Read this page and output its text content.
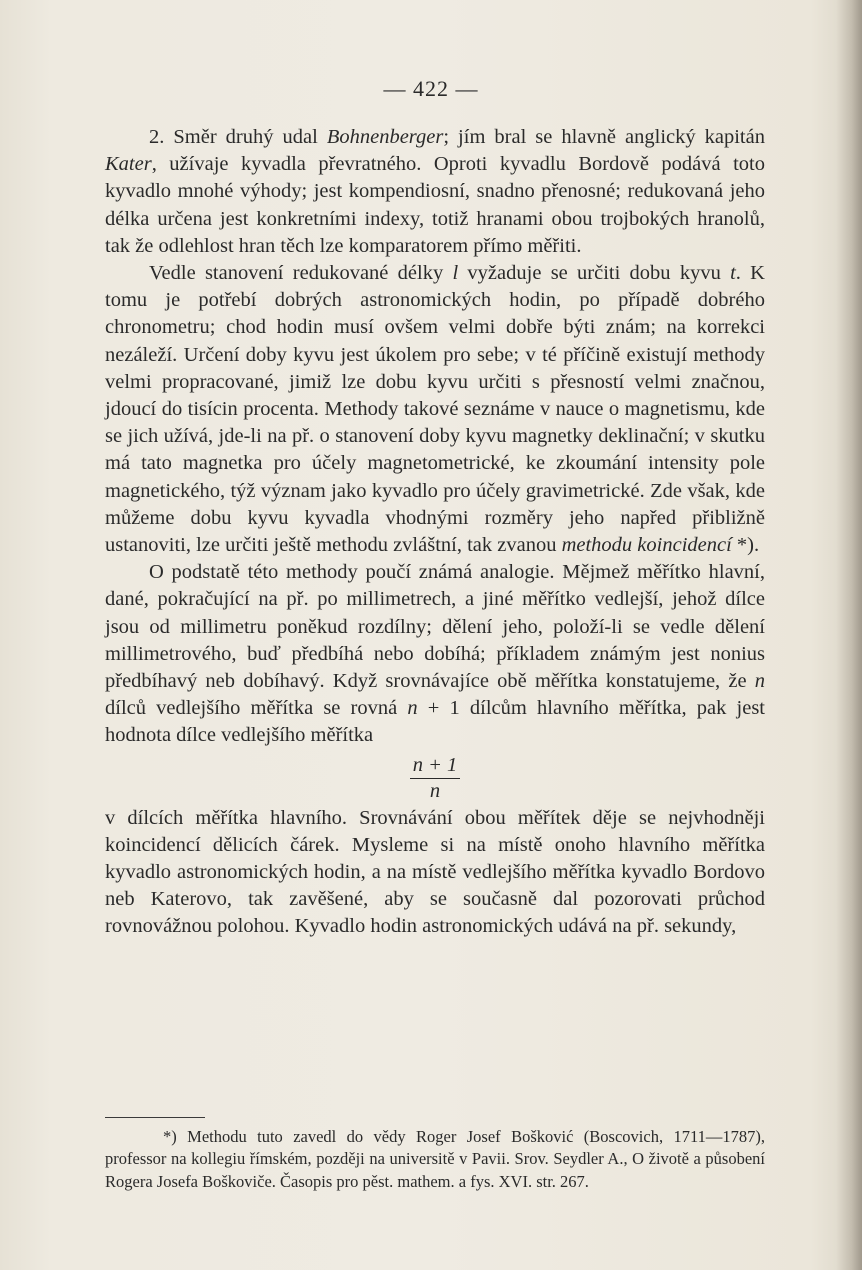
— 422 —

2. Směr druhý udal Bohnenberger; jím bral se hlavně anglický kapitán Kater, užívaje kyvadla převratného. Oproti kyvadlu Bordově podává toto kyvadlo mnohé výhody; jest kompendiosní, snadno přenosné; redukovaná jeho délka určena jest konkretními indexy, totiž hranami obou trojbokých hranolů, tak že odlehlost hran těch lze komparatorem přímo měřiti.

Vedle stanovení redukované délky l vyžaduje se určiti dobu kyvu t. K tomu je potřebí dobrých astronomických hodin, po případě dobrého chronometru; chod hodin musí ovšem velmi dobře býti znám; na korrekci nezáleží. Určení doby kyvu jest úkolem pro sebe; v té příčině existují methody velmi propracované, jimiž lze dobu kyvu určiti s přesností velmi značnou, jdoucí do tisícin procenta. Methody takové seznáme v nauce o magnetismu, kde se jich užívá, jde-li na př. o stanovení doby kyvu magnetky deklinační; v skutku má tato magnetka pro účely magnetometrické, ke zkoumání intensity pole magnetického, týž význam jako kyvadlo pro účely gravimetrické. Zde však, kde můžeme dobu kyvu kyvadla vhodnými rozměry jeho napřed přibližně ustanoviti, lze určiti ještě methodu zvláštní, tak zvanou methodu koincidencí *).

O podstatě této methody poučí známá analogie. Mějmež měřítko hlavní, dané, pokračující na př. po millimetrech, a jiné měřítko vedlejší, jehož dílce jsou od millimetru poněkud rozdílny; dělení jeho, položí-li se vedle dělení millimetrového, buď předbíhá nebo dobíhá; příkladem známým jest nonius předbíhavý neb dobíhavý. Když srovnávajíce obě měřítka konstatujeme, že n dílců vedlejšího měřítka se rovná n + 1 dílcům hlavního měřítka, pak jest hodnota dílce vedlejšího měřítka

$\frac{n + 1}{n}$

v dílcích měřítka hlavního. Srovnávání obou měřítek děje se nejvhodněji koincidencí dělicích čárek. Mysleme si na místě onoho hlavního měřítka kyvadlo astronomických hodin, a na místě vedlejšího měřítka kyvadlo Bordovo neb Katerovo, tak zavěšené, aby se současně dal pozorovati průchod rovnovážnou polohou. Kyvadlo hodin astronomických udává na př. sekundy,

*) Methodu tuto zavedl do vědy Roger Josef Bošković (Boscovich, 1711—1787), professor na kollegiu římském, později na universitě v Pavii. Srov. Seydler A., O životě a působení Rogera Josefa Boškoviče. Časopis pro pěst. mathem. a fys. XVI. str. 267.
